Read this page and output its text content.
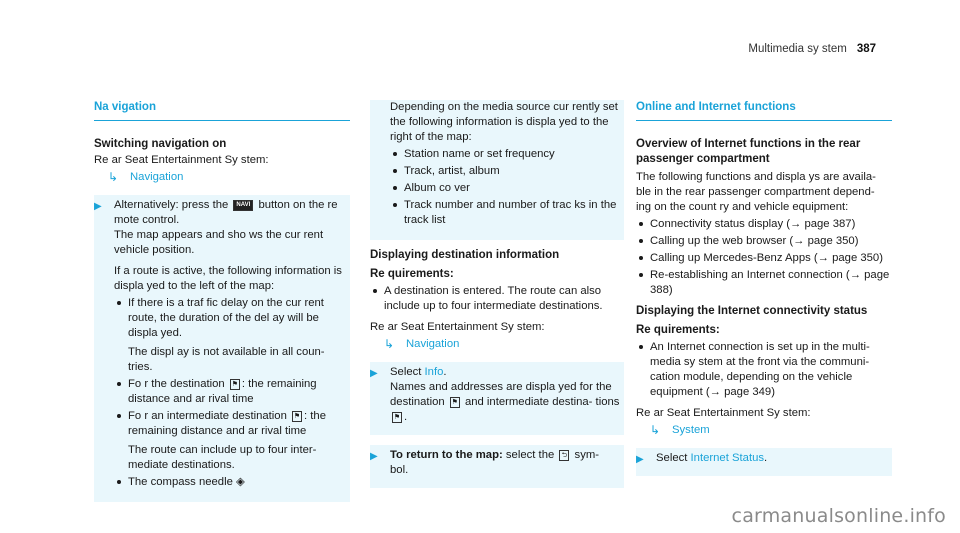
Multimedia sy stem 387
Na vigation
Switching navigation on

Re ar Seat Entertainment Sy stem:

↳	Navigation
▶ Alternatively: press the NAVI button on the re mote control.

The map appears and sho ws the cur rent vehicle position.

If a route is active, the following information is displa yed to the left of the map:

If there is a traf fic delay on the cur rent route, the duration of the del ay will be displa yed.

The displ ay is not available in all coun‐ tries.

Fo r the destination ⚑ : the remaining distance and ar rival time
Fo r an intermediate destination ⚑ : the remaining distance and ar rival time

The route can include up to four inter‐ mediate destinations.

The compass needle ◈

Depending on the media source cur rently set the following information is displa yed to the right of the map:

Station name or set frequency
Track, artist, album
Album co ver
Track number and number of trac ks in the track list
Displaying destination information

Re quirements:

A destination is entered. The route can also include up to four intermediate destinations.

Re ar Seat Entertainment Sy stem:

↳	Navigation
▶ Select Info.

Names and addresses are displa yed for the destination ⚑ and intermediate destina‐ tions ⚑ .

▶ To return to the map: select the ⮌ sym‐ bol.

Online and Internet functions
Overview of Internet functions in the rear passenger compartment

The following functions and displa ys are availa‐ ble in the rear passenger compartment depend‐ ing on the count ry and vehicle equipment:

Connectivity status display (→ page 387)
Calling up the web browser (→ page 350)
Calling up Mercedes-Benz Apps (→ page 350)
Re-establishing an Internet connection (→ page 388)
Displaying the Internet connectivity status

Re quirements:

An Internet connection is set up in the multi‐ media sy stem at the front via the communi‐ cation module, depending on the vehicle equipment (→ page 349)

Re ar Seat Entertainment Sy stem:

↳	System
▶ Select Internet Status.

carmanualsonline.info
